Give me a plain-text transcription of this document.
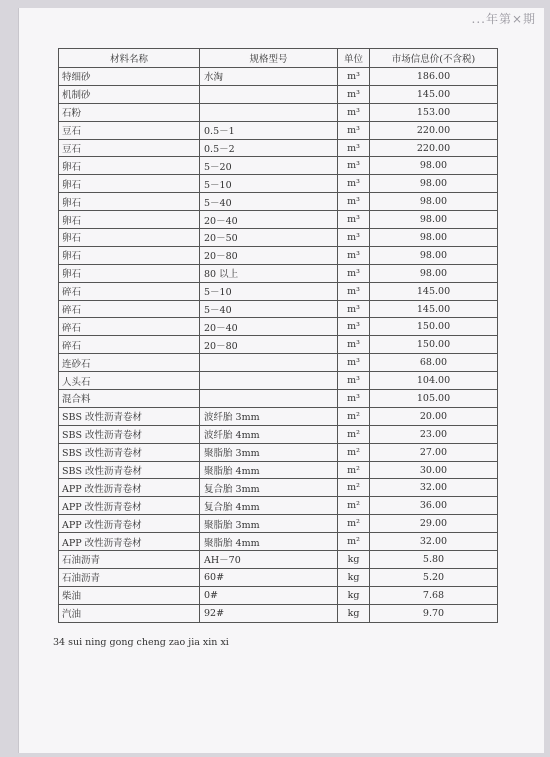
...年第×期
材料名称	规格型号	单位	市场信息价(不含税)
特细砂	水淘	m³	186.00
机制砂		m³	145.00
石粉		m³	153.00
豆石	0.5－1	m³	220.00
豆石	0.5－2	m³	220.00
卵石	5－20	m³	98.00
卵石	5－10	m³	98.00
卵石	5－40	m³	98.00
卵石	20－40	m³	98.00
卵石	20－50	m³	98.00
卵石	20－80	m³	98.00
卵石	80 以上	m³	98.00
碎石	5－10	m³	145.00
碎石	5－40	m³	145.00
碎石	20－40	m³	150.00
碎石	20－80	m³	150.00
连砂石		m³	68.00
人头石		m³	104.00
混合料		m³	105.00
SBS 改性沥青卷材	波纤胎 3mm	m²	20.00
SBS 改性沥青卷材	波纤胎 4mm	m²	23.00
SBS 改性沥青卷材	聚脂胎 3mm	m²	27.00
SBS 改性沥青卷材	聚脂胎 4mm	m²	30.00
APP 改性沥青卷材	复合胎 3mm	m²	32.00
APP 改性沥青卷材	复合胎 4mm	m²	36.00
APP 改性沥青卷材	聚脂胎 3mm	m²	29.00
APP 改性沥青卷材	聚脂胎 4mm	m²	32.00
石油沥青	AH－70	kg	5.80
石油沥青	60#	kg	5.20
柴油	0#	kg	7.68
汽油	92#	kg	9.70
34 sui ning gong cheng zao jia xin xi
